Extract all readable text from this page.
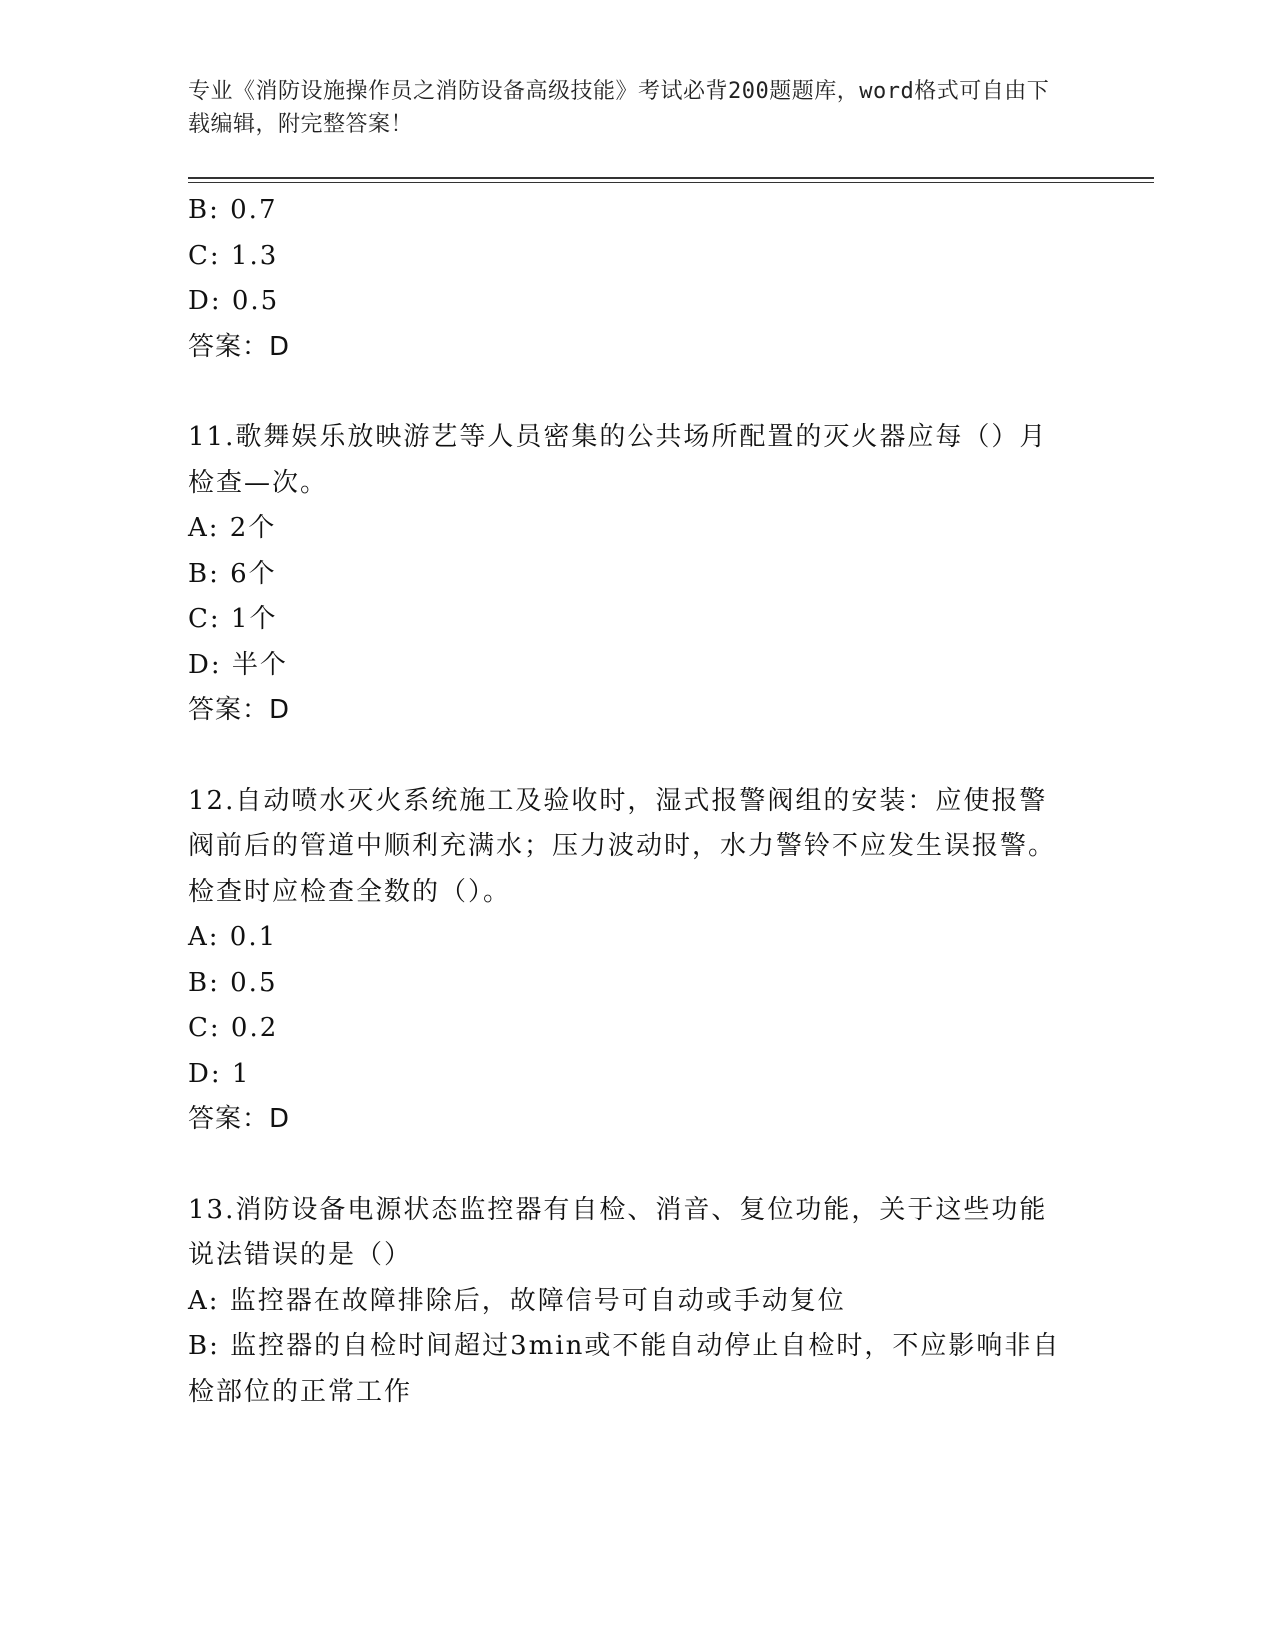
专业《消防设施操作员之消防设备高级技能》考试必背200题题库，word格式可自由下载编辑，附完整答案！

B: 0.7

C: 1.3

D: 0.5

答案：D

11.歌舞娱乐放映游艺等人员密集的公共场所配置的灭火器应每（）月检查—次。

A: 2个

B: 6个

C: 1个

D: 半个

答案：D

12.自动喷水灭火系统施工及验收时，湿式报警阀组的安装：应使报警阀前后的管道中顺利充满水；压力波动时，水力警铃不应发生误报警。检查时应检查全数的（）。

A: 0.1

B: 0.5

C: 0.2

D: 1

答案：D

13.消防设备电源状态监控器有自检、消音、复位功能，关于这些功能说法错误的是（）

A: 监控器在故障排除后，故障信号可自动或手动复位

B: 监控器的自检时间超过3min或不能自动停止自检时，不应影响非自检部位的正常工作
